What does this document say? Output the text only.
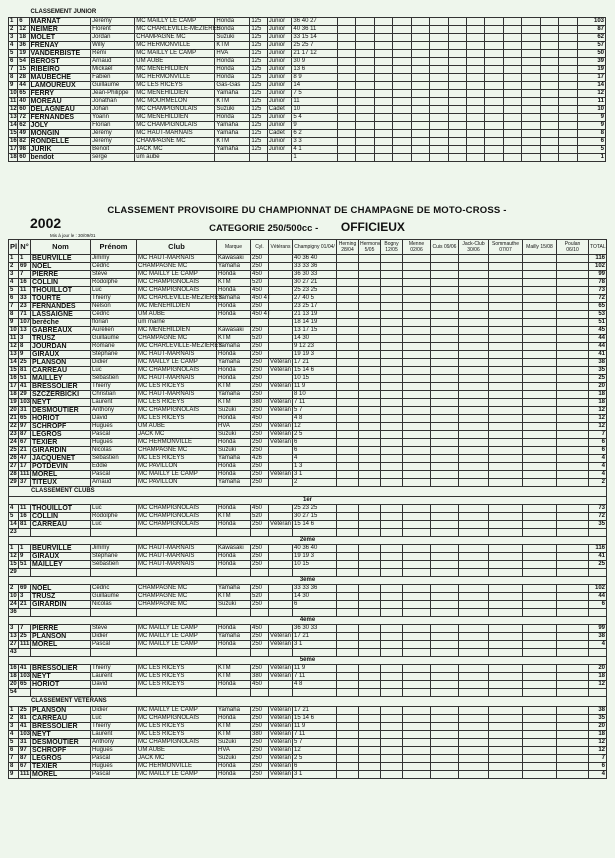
CLASSEMENT JUNIOR																						
1	6	MARNAT	Jérémy	MC MAILLY LE CAMP	Honda	125	Junior	36 40 27														103
2	12	NEIMER	Florent	MC CHARLEVILLE-MEZIERES	Honda	125	Junior	40 36 11														87
3	18	MOLET	Jordan	CHAMPAGNE MC	Suzuki	125	Junior	33 15 14														62
4	36	FRENAY	Willy	MC HERMONVILLE	KTM	125	Junior	25 25 7														57
5	19	VANDERBISTE	Rémi	MC MAILLY LE CAMP	HVA	125	Junior	21 17 12														50
6	54	BEROST	Arnaud	UM AUBE	Honda	125	Junior	30 9														39
7	15	RIBEIRO	Mickaël	MC MENEHILDIEN	Honda	125	Junior	13 6														19
8	28	MAUBECHE	Fabien	MC HERMONVILLE	Honda	125	Junior	8 9														17
9	44	LAMOUREUX	Guillaume	MC LES RICEYS	Gas-Gas	125	Junior	14														14
10	65	FERRY	Jean-Philippe	MC MENEHILDIEN	Yamaha	125	Junior	7 5														12
11	40	MOREAU	Jonathan	MC MOURMELON	KTM	125	Junior	11														11
12	60	DELAGNEAU	Johan	MC CHAMPIGNOLAIS	Suzuki	125	Cadet	10														10
13	72	FERNANDES	Yoann	MC MENEHILDIEN	Honda	125	Junior	5 4														9
14	62	JOLY	Florian	MC CHAMPIGNOLAIS	Yamaha	125	Junior	9														9
15	49	MONGIN	Jérémy	MC HAUT-MARNAIS	Yamaha	125	Cadet	6 2														8
16	82	RONDELLE	Jérémy	CHAMPAGNE MC	KTM	125	Junior	3 3														6
17	98	JURIK	Benoit	JACK MC	Yamaha	125	Junior	4 1														5
18	60	bendot	serge	um aube				1														1
CLASSEMENT PROVISOIRE DU CHAMPIONNAT DE CHAMPAGNE DE MOTO-CROSS -
2002	CATEGORIE 250/500cc - OFFICIEUX
Mis à jour le : 30/09/01
Pl	N°	Nom	Prénom	Club	Marque	Cyl.	Vétérans	Champigny 01/04/	Herning 28/04	Hermonv. 5/05	Bogny 12/05	Menne 02/06	Cuis 09/06	Jack-Club 30/06	Sommauthe 07/07	Mailly 15/08	Poulan 06/10	TOTAL
1	1	BEURVILLE	Jimmy	MC HAUT-MARNAIS	Kawasaki	250		40 36 40										116
2	69	NOEL	Cédric	CHAMPAGNE MC	Yamaha	250		33 33 36										102
3	7	PIERRE	Stève	MC MAILLY LE CAMP	Honda	450		36 30 33										99
4	16	COLLIN	Rodolphe	MC CHAMPIGNOLAIS	KTM	520		30 27 21										78
5	11	THOUILLOT	Luc	MC CHAMPIGNOLAIS	Honda	450		25 23 25										73
6	33	TOURTE	Thierry	MC CHARLEVILLE-MEZIERES	Yamaha	450 4T		27 40 5										72
7	23	FERNANDES	Nelson	MC MENEHILDIEN	Honda	250		23 25 17										65
8	71	LASSAIGNE	Cédric	UM AUBE	Honda	450 4T		21 13 19										53
9	107	berèche	florian	um marne				18 14 19										51
10	13	GABREAUX	Aurélien	MC MENEHILDIEN	Kawasaki	250		13 17 15										45
11	3	TRUSZ	Guillaume	CHAMPAGNE MC	KTM	520		14 30										44
12	8	JOURDAN	Romane	MC CHARLEVILLE-MEZIERES	Yamaha	250		9 12 23										44
13	9	GIRAUX	Stéphane	MC HAUT-MARNAIS	Honda	250		19 19 3										41
14	25	PLANSON	Didier	MC MAILLY LE CAMP	Yamaha	250	Vétéran	17 21										38
15	81	CARREAU	Luc	MC CHAMPIGNOLAIS	Honda	250	Vétéran	15 14 6										35
16	51	MAILLEY	Sébastien	MC HAUT-MARNAIS	Honda	250		10 15										25
17	41	BRESSOLIER	Thierry	MC LES RICEYS	KTM	250	Vétéran	11 9										20
18	29	SZCZERBICKI	Christian	MC HAUT-MARNAIS	Yamaha	250		8 10										18
19	103	NEYT	Laurent	MC LES RICEYS	KTM	380	Vétéran	7 11										18
20	31	DESMOUTIER	Anthony	MC CHAMPIGNOLAIS	Suzuki	250	Vétéran	5 7										12
21	65	HORIOT	David	MC LES RICEYS	Honda	450		4 8										12
22	97	SCHROPF	Hugues	UM AUBE	HVA	250	Vétéran	12										12
23	87	LEGROS	Pascal	JACK MC	Suzuki	250	Vétéran	2 5										7
24	67	TEXIER	Hugues	MC HERMONVILLE	Honda	250	Vétéran	6										6
25	21	GIRARDIN	Nicolas	CHAMPAGNE MC	Suzuki	250		6										6
26	47	JACQUENET	Sébastien	MC LES RICEYS	Yamaha	426		4										4
27	17	POTDEVIN	Eddie	MC PAVILLON	Honda	250		1 3										4
28	111	MOREL	Pascal	MC MAILLY LE CAMP	Honda	250	Vétéran	3 1										4
29	37	TITEUX	Arnaud	MC PAVILLON	Yamaha	250		2										2
CLASSEMENT CLUBS																		
1er																		
4	11	THOUILLOT	Luc	MC CHAMPIGNOLAIS	Honda	450		25 23 25										73
5	16	COLLIN	Rodolphe	MC CHAMPIGNOLAIS	KTM	520		30 27 15										72
14	81	CARREAU	Luc	MC CHAMPIGNOLAIS	Honda	250	Vétéran	15 14 6										35
23																		
2ème																		
1	1	BEURVILLE	Jimmy	MC HAUT-MARNAIS	Kawasaki	250		40 36 40										116
12	9	GIRAUX	Stéphane	MC HAUT-MARNAIS	Honda	250		19 19 3										41
15	51	MAILLEY	Sébastien	MC HAUT-MARNAIS	Honda	250		10 15										25
29																		
3ème																		
2	69	NOEL	Cédric	CHAMPAGNE MC	Yamaha	250		33 33 36										102
10	3	TRUSZ	Guillaume	CHAMPAGNE MC	KTM	520		14 30										44
24	21	GIRARDIN	Nicolas	CHAMPAGNE MC	Suzuki	250		6										6
36																		
4ème																		
3	7	PIERRE	Stève	MC MAILLY LE CAMP	Honda	450		36 30 33										99
13	25	PLANSON	Didier	MC MAILLY LE CAMP	Yamaha	250	Vétéran	17 21										38
27	111	MOREL	Pascal	MC MAILLY LE CAMP	Honda	250	Vétéran	3 1										4
43																		
5ème																		
16	41	BRESSOLIER	Thierry	MC LES RICEYS	KTM	250	Vétéran	11 9										20
18	103	NEYT	Laurent	MC LES RICEYS	KTM	380	Vétéran	7 11										18
20	65	HORIOT	David	MC LES RICEYS	Honda	450		4 8										12
54																		
CLASSEMENT VETERANS																		
1	25	PLANSON	Didier	MC MAILLY LE CAMP	Yamaha	250	Vétéran	17 21										38
2	81	CARREAU	Luc	MC CHAMPIGNOLAIS	Honda	250	Vétéran	15 14 6										35
3	41	BRESSOLIER	Thierry	MC LES RICEYS	KTM	250	Vétéran	11 9										20
4	103	NEYT	Laurent	MC LES RICEYS	KTM	380	Vétéran	7 11										18
5	31	DESMOUTIER	Anthony	MC CHAMPIGNOLAIS	Suzuki	250	Vétéran	5 7										12
6	97	SCHROPF	Hugues	UM AUBE	HVA	250	Vétéran	12										12
7	87	LEGROS	Pascal	JACK MC	Suzuki	250	Vétéran	2 5										7
8	67	TEXIER	Hugues	MC HERMONVILLE	Honda	250	Vétéran	6										6
9	111	MOREL	Pascal	MC MAILLY LE CAMP	Honda	250	Vétéran	3 1										4
